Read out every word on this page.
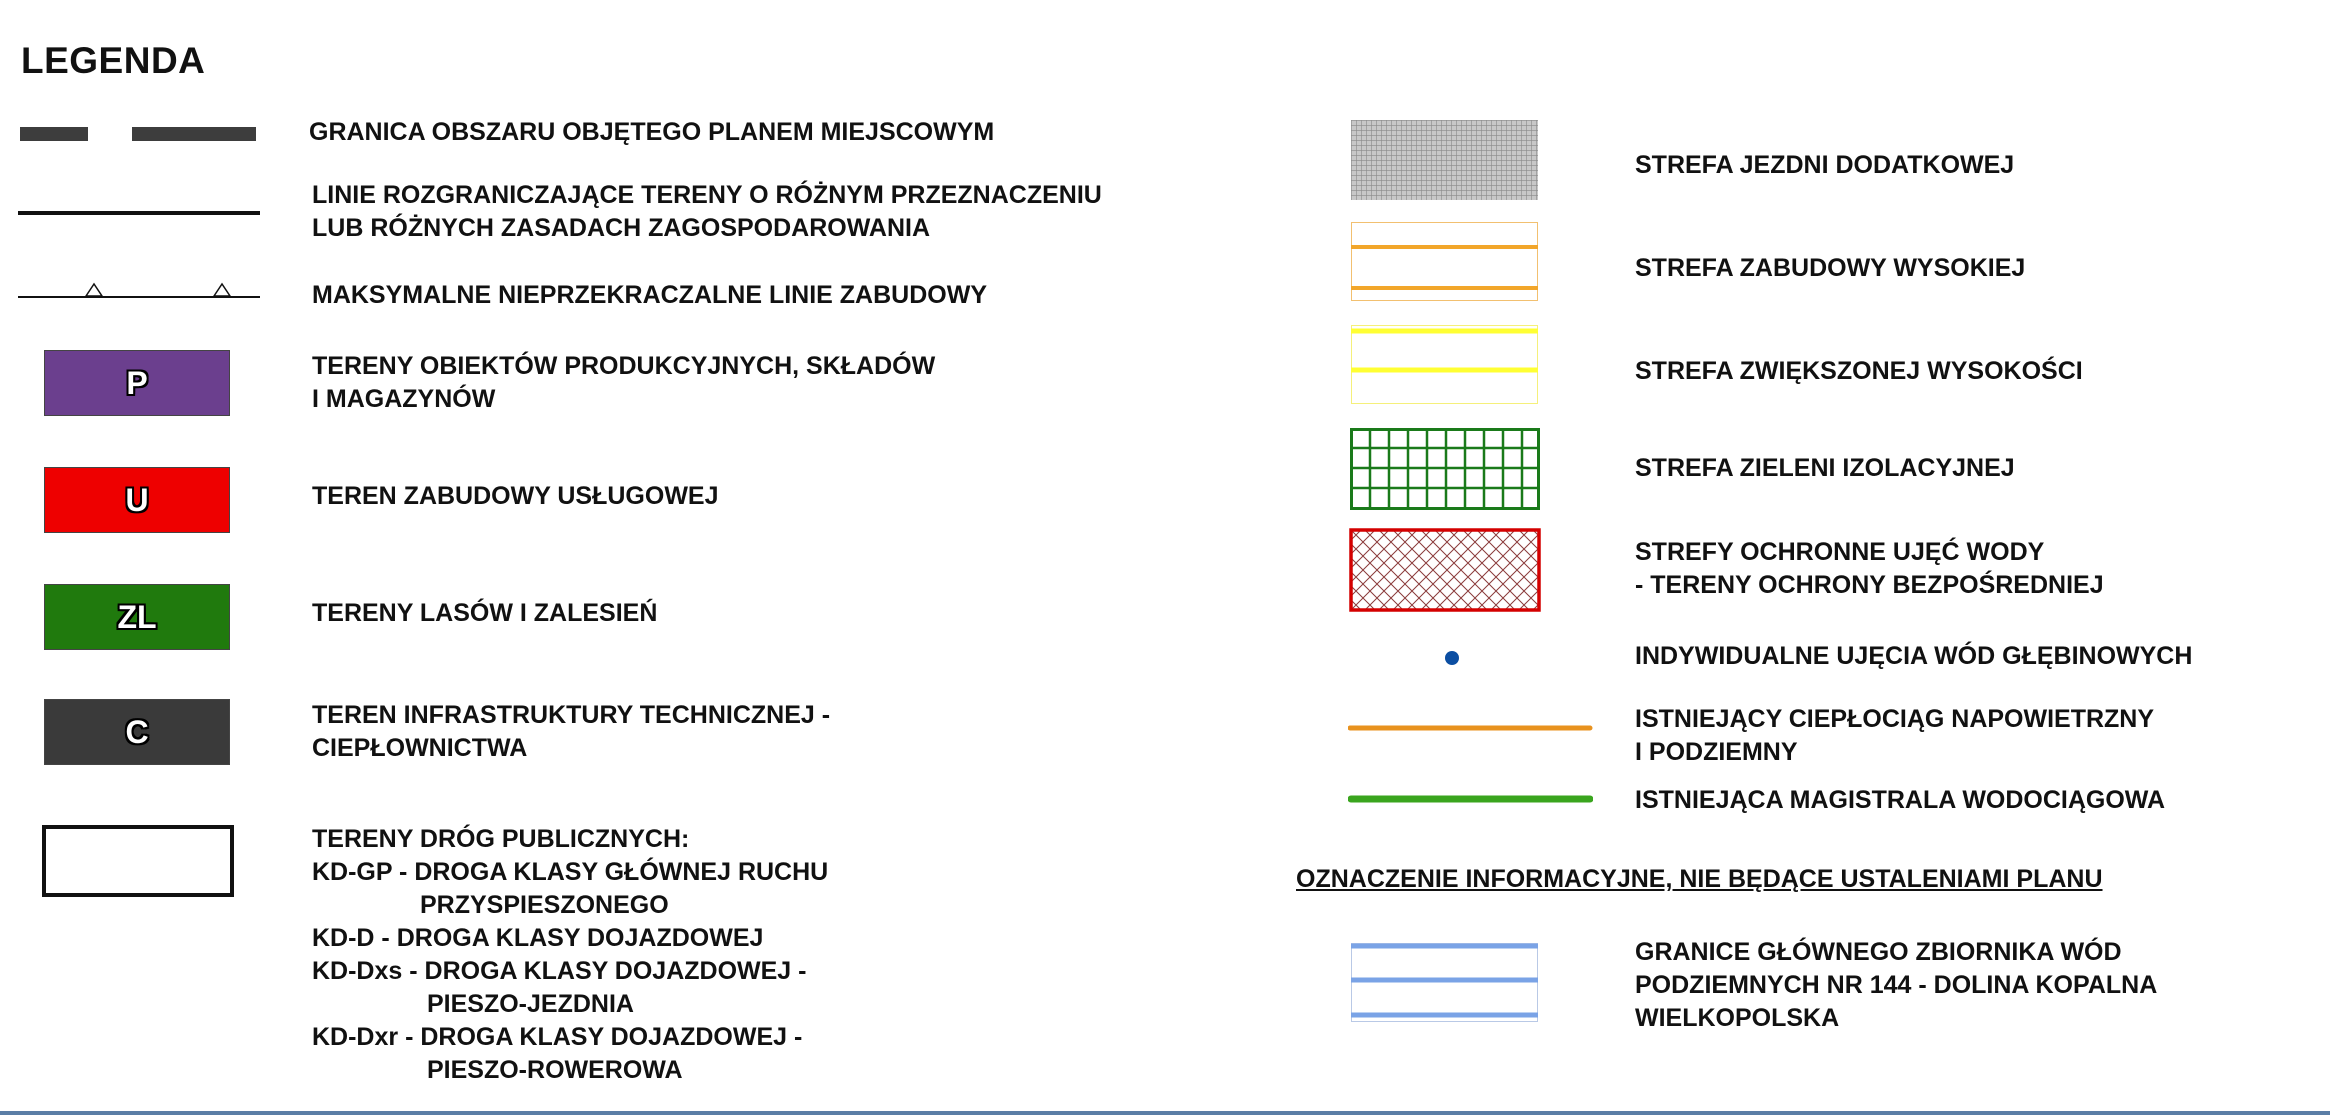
LEGENDA
GRANICA OBSZARU OBJĘTEGO PLANEM MIEJSCOWYM
LINIE ROZGRANICZAJĄCE TERENY O RÓŻNYM PRZEZNACZENIU
LUB RÓŻNYCH ZASADACH ZAGOSPODAROWANIA
MAKSYMALNE NIEPRZEKRACZALNE LINIE ZABUDOWY
P	TERENY OBIEKTÓW PRODUKCYJNYCH, SKŁADÓW
I MAGAZYNÓW
U	TEREN ZABUDOWY USŁUGOWEJ
ZL	TERENY LASÓW I ZALESIEŃ
C	TEREN INFRASTRUKTURY TECHNICZNEJ -
CIEPŁOWNICTWA
TERENY DRÓG PUBLICZNYCH:
KD-GP - DROGA KLASY GŁÓWNEJ RUCHU
PRZYSPIESZONEGO
KD-D - DROGA KLASY DOJAZDOWEJ
KD-Dxs - DROGA KLASY DOJAZDOWEJ -
PIESZO-JEZDNIA
KD-Dxr - DROGA KLASY DOJAZDOWEJ -
PIESZO-ROWEROWA
STREFA JEZDNI DODATKOWEJ
STREFA ZABUDOWY WYSOKIEJ
STREFA ZWIĘKSZONEJ WYSOKOŚCI
STREFA ZIELENI IZOLACYJNEJ
STREFY OCHRONNE UJĘĆ WODY
- TERENY OCHRONY BEZPOŚREDNIEJ
INDYWIDUALNE UJĘCIA WÓD GŁĘBINOWYCH
ISTNIEJĄCY CIEPŁOCIĄG NAPOWIETRZNY
I PODZIEMNY
ISTNIEJĄCA MAGISTRALA WODOCIĄGOWA
OZNACZENIE INFORMACYJNE, NIE BĘDĄCE USTALENIAMI PLANU
GRANICE GŁÓWNEGO ZBIORNIKA WÓD
PODZIEMNYCH NR 144 - DOLINA KOPALNA
WIELKOPOLSKA
